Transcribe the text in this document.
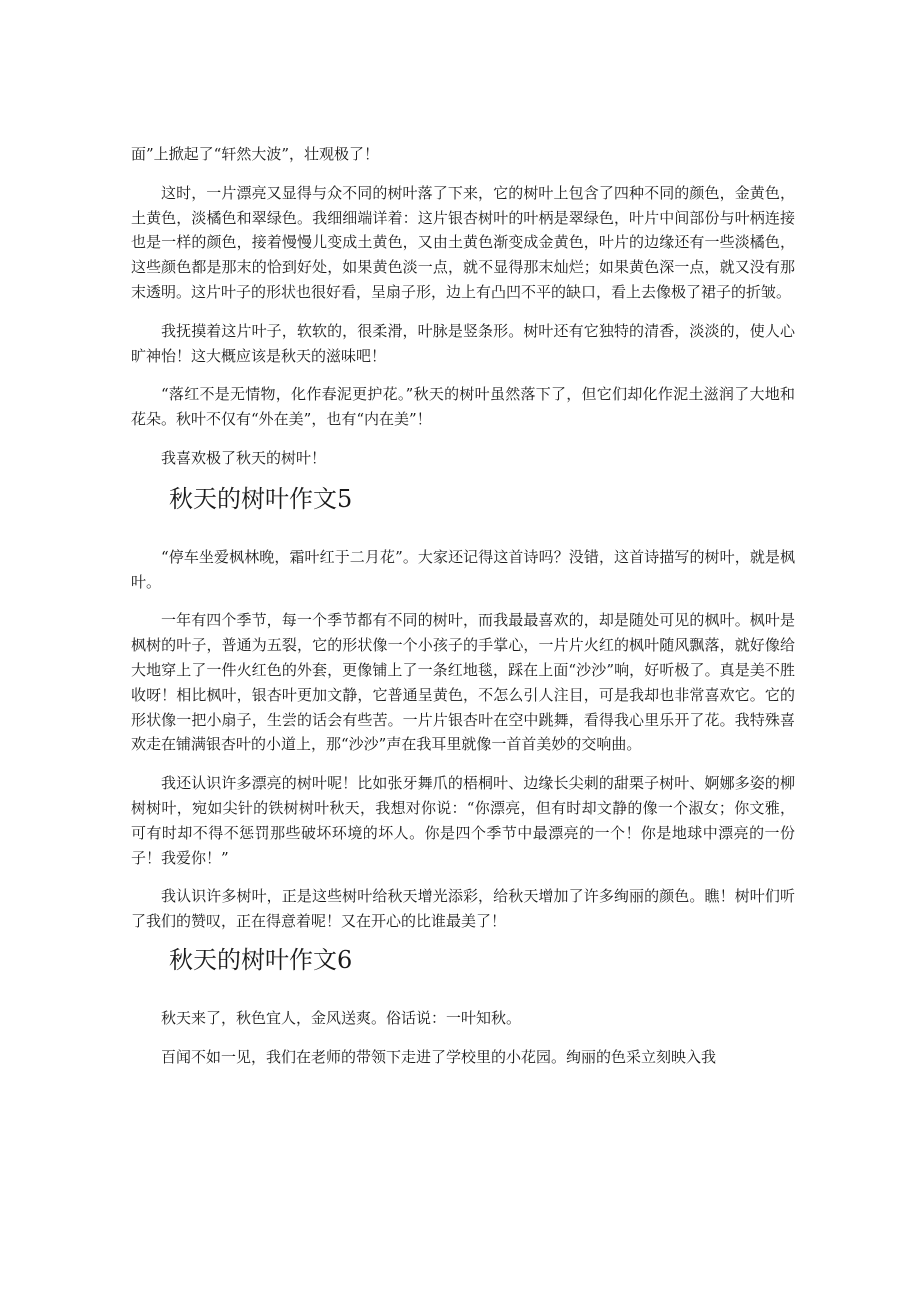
面”上掀起了“轩然大波”，壮观极了！

这时，一片漂亮又显得与众不同的树叶落了下来，它的树叶上包含了四种不同的颜色，金黄色，土黄色，淡橘色和翠绿色。我细细端详着：这片银杏树叶的叶柄是翠绿色，叶片中间部份与叶柄连接也是一样的颜色，接着慢慢儿变成土黄色，又由土黄色渐变成金黄色，叶片的边缘还有一些淡橘色，这些颜色都是那末的恰到好处，如果黄色淡一点，就不显得那末灿烂；如果黄色深一点，就又没有那末透明。这片叶子的形状也很好看，呈扇子形，边上有凸凹不平的缺口，看上去像极了裙子的折皱。

我抚摸着这片叶子，软软的，很柔滑，叶脉是竖条形。树叶还有它独特的清香，淡淡的，使人心旷神怡！这大概应该是秋天的滋味吧！

“落红不是无情物，化作春泥更护花。”秋天的树叶虽然落下了，但它们却化作泥土滋润了大地和花朵。秋叶不仅有“外在美”，也有“内在美”！

我喜欢极了秋天的树叶！

秋天的树叶作文5

“停车坐爱枫林晚，霜叶红于二月花”。大家还记得这首诗吗？没错，这首诗描写的树叶，就是枫叶。

一年有四个季节，每一个季节都有不同的树叶，而我最最喜欢的，却是随处可见的枫叶。枫叶是枫树的叶子，普通为五裂，它的形状像一个小孩子的手掌心，一片片火红的枫叶随风飘落，就好像给大地穿上了一件火红色的外套，更像铺上了一条红地毯，踩在上面“沙沙”响，好听极了。真是美不胜收呀！相比枫叶，银杏叶更加文静，它普通呈黄色，不怎么引人注目，可是我却也非常喜欢它。它的形状像一把小扇子，生尝的话会有些苦。一片片银杏叶在空中跳舞，看得我心里乐开了花。我特殊喜欢走在铺满银杏叶的小道上，那“沙沙”声在我耳里就像一首首美妙的交响曲。

我还认识许多漂亮的树叶呢！比如张牙舞爪的梧桐叶、边缘长尖刺的甜栗子树叶、婀娜多姿的柳树树叶，宛如尖针的铁树树叶秋天，我想对你说：“你漂亮，但有时却文静的像一个淑女；你文雅，可有时却不得不惩罚那些破坏环境的坏人。你是四个季节中最漂亮的一个！你是地球中漂亮的一份子！我爱你！”

我认识许多树叶，正是这些树叶给秋天增光添彩，给秋天增加了许多绚丽的颜色。瞧！树叶们听了我们的赞叹，正在得意着呢！又在开心的比谁最美了！

秋天的树叶作文6

秋天来了，秋色宜人，金风送爽。俗话说：一叶知秋。

百闻不如一见，我们在老师的带领下走进了学校里的小花园。绚丽的色采立刻映入我
